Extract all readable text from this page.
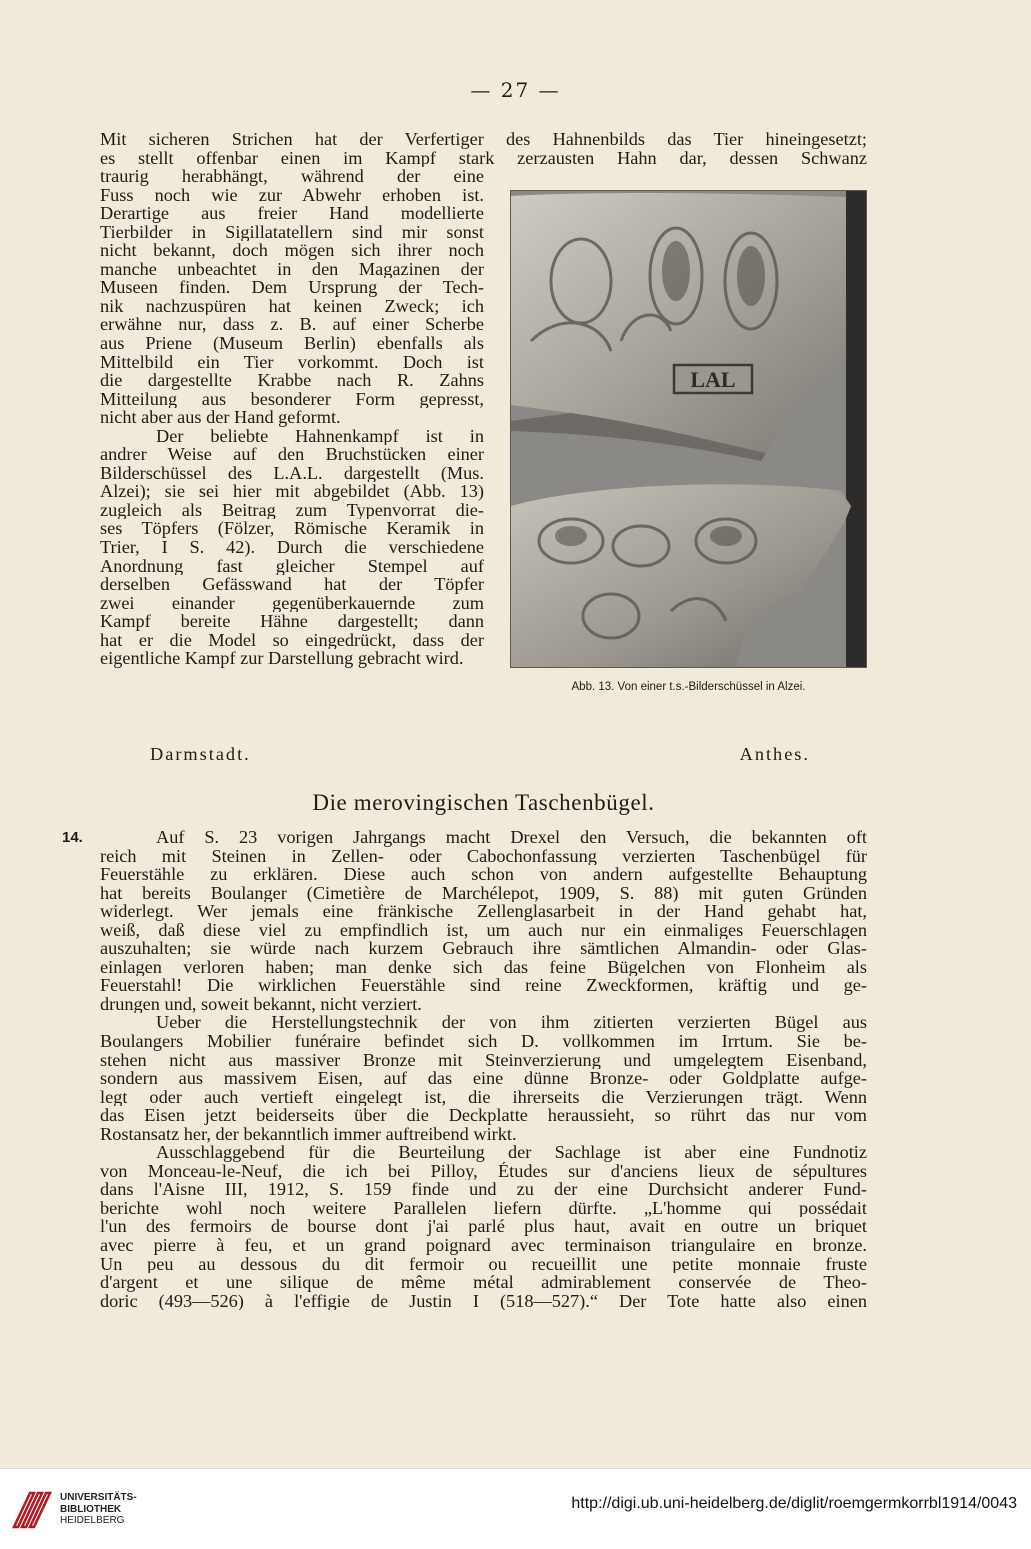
— 27 —
Mit sicheren Strichen hat der Verfertiger des Hahnenbilds das Tier hineingesetzt;
es stellt offenbar einen im Kampf stark zerzausten Hahn dar, dessen Schwanz
traurig herabhängt, während der eine
Fuss noch wie zur Abwehr erhoben ist.
Derartige aus freier Hand modellierte
Tierbilder in Sigillatatellern sind mir sonst
nicht bekannt, doch mögen sich ihrer noch
manche unbeachtet in den Magazinen der
Museen finden. Dem Ursprung der Tech-
nik nachzuspüren hat keinen Zweck; ich
erwähne nur, dass z. B. auf einer Scherbe
aus Priene (Museum Berlin) ebenfalls als
Mittelbild ein Tier vorkommt. Doch ist
die dargestellte Krabbe nach R. Zahns
Mitteilung aus besonderer Form gepresst,
nicht aber aus der Hand geformt.
Der beliebte Hahnenkampf ist in
andrer Weise auf den Bruchstücken einer
Bilderschüssel des L.A.L. dargestellt (Mus.
Alzei); sie sei hier mit abgebildet (Abb. 13)
zugleich als Beitrag zum Typenvorrat die-
ses Töpfers (Fölzer, Römische Keramik in
Trier, I S. 42). Durch die verschiedene
Anordnung fast gleicher Stempel auf
derselben Gefässwand hat der Töpfer
zwei einander gegenüberkauernde zum
Kampf bereite Hähne dargestellt; dann
hat er die Model so eingedrückt, dass der
eigentliche Kampf zur Darstellung gebracht wird.
LAL
Abb. 13. Von einer t.s.-Bilderschüssel in Alzei.
Darmstadt.	Anthes.
Die merovingischen Taschenbügel.
14.	Auf S. 23 vorigen Jahrgangs macht Drexel den Versuch, die bekannten oft
reich mit Steinen in Zellen- oder Cabochonfassung verzierten Taschenbügel für
Feuerstähle zu erklären. Diese auch schon von andern aufgestellte Behauptung
hat bereits Boulanger (Cimetière de Marchélepot, 1909, S. 88) mit guten Gründen
widerlegt. Wer jemals eine fränkische Zellenglasarbeit in der Hand gehabt hat,
weiß, daß diese viel zu empfindlich ist, um auch nur ein einmaliges Feuerschlagen
auszuhalten; sie würde nach kurzem Gebrauch ihre sämtlichen Almandin- oder Glas-
einlagen verloren haben; man denke sich das feine Bügelchen von Flonheim als
Feuerstahl! Die wirklichen Feuerstähle sind reine Zweckformen, kräftig und ge-
drungen und, soweit bekannt, nicht verziert.
Ueber die Herstellungstechnik der von ihm zitierten verzierten Bügel aus
Boulangers Mobilier funéraire befindet sich D. vollkommen im Irrtum. Sie be-
stehen nicht aus massiver Bronze mit Steinverzierung und umgelegtem Eisenband,
sondern aus massivem Eisen, auf das eine dünne Bronze- oder Goldplatte aufge-
legt oder auch vertieft eingelegt ist, die ihrerseits die Verzierungen trägt. Wenn
das Eisen jetzt beiderseits über die Deckplatte heraussieht, so rührt das nur vom
Rostansatz her, der bekanntlich immer auftreibend wirkt.
Ausschlaggebend für die Beurteilung der Sachlage ist aber eine Fundnotiz
von Monceau-le-Neuf, die ich bei Pilloy, Études sur d'anciens lieux de sépultures
dans l'Aisne III, 1912, S. 159 finde und zu der eine Durchsicht anderer Fund-
berichte wohl noch weitere Parallelen liefern dürfte. „L'homme qui possédait
l'un des fermoirs de bourse dont j'ai parlé plus haut, avait en outre un briquet
avec pierre à feu, et un grand poignard avec terminaison triangulaire en bronze.
Un peu au dessous du dit fermoir ou recueillit une petite monnaie fruste
d'argent et une silique de même métal admirablement conservée de Theo-
doric (493—526) à l'effigie de Justin I (518—527).“ Der Tote hatte also einen
UNIVERSITÄTS-
BIBLIOTHEK
HEIDELBERG
http://digi.ub.uni-heidelberg.de/diglit/roemgermkorrbl1914/0043
